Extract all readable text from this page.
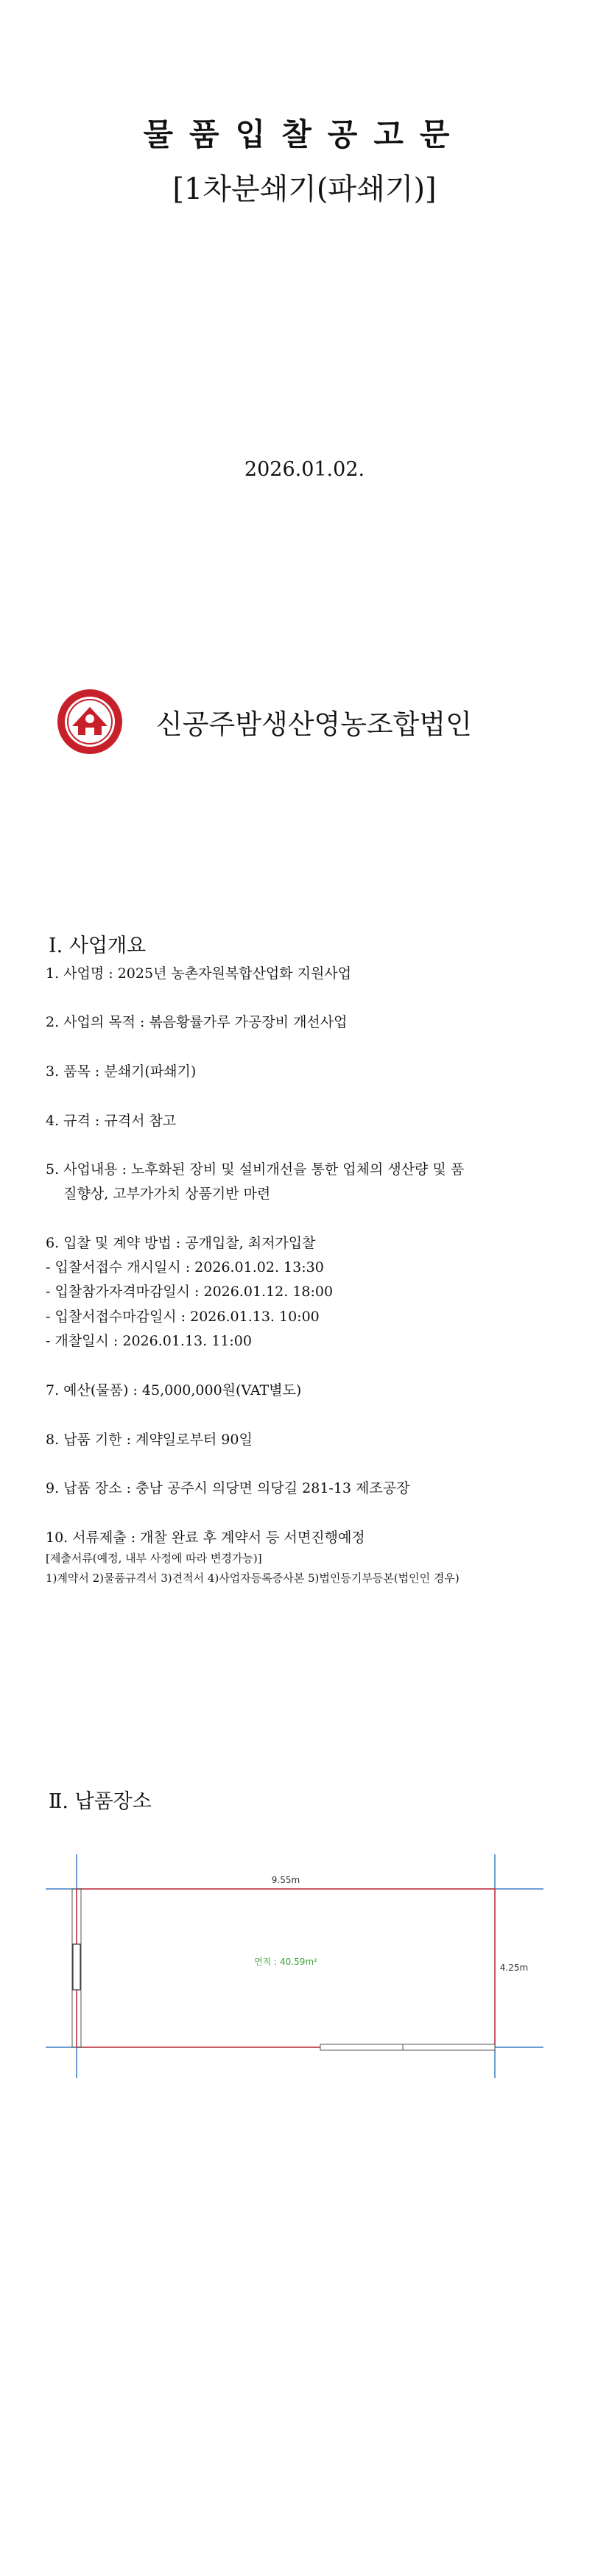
물품입찰공고문
[1차분쇄기(파쇄기)]
2026.01.02.
신공주밤생산영농조합법인
Ⅰ. 사업개요
1. 사업명 : 2025년 농촌자원복합산업화 지원사업
2. 사업의 목적 : 볶음황률가루 가공장비 개선사업
3. 품목 : 분쇄기(파쇄기)
4. 규격 : 규격서 참고
5. 사업내용 : 노후화된 장비 및 설비개선을 통한 업체의 생산량 및 품
질향상, 고부가가치 상품기반 마련
6. 입찰 및 계약 방법 : 공개입찰, 최저가입찰
- 입찰서접수 개시일시 : 2026.01.02. 13:30
- 입찰참가자격마감일시 : 2026.01.12. 18:00
- 입찰서접수마감일시 : 2026.01.13. 10:00
- 개찰일시 : 2026.01.13. 11:00
7. 예산(물품) : 45,000,000원(VAT별도)
8. 납품 기한 : 계약일로부터 90일
9. 납품 장소 : 충남 공주시 의당면 의당길 281-13 제조공장
10. 서류제출 : 개찰 완료 후 계약서 등 서면진행예정
[제출서류(예정, 내부 사정에 따라 변경가능)]
1)계약서 2)물품규격서 3)견적서 4)사업자등록증사본 5)법인등기부등본(법인인 경우)
Ⅱ. 납품장소
9.55m
4.25m
면적 : 40.59m²
